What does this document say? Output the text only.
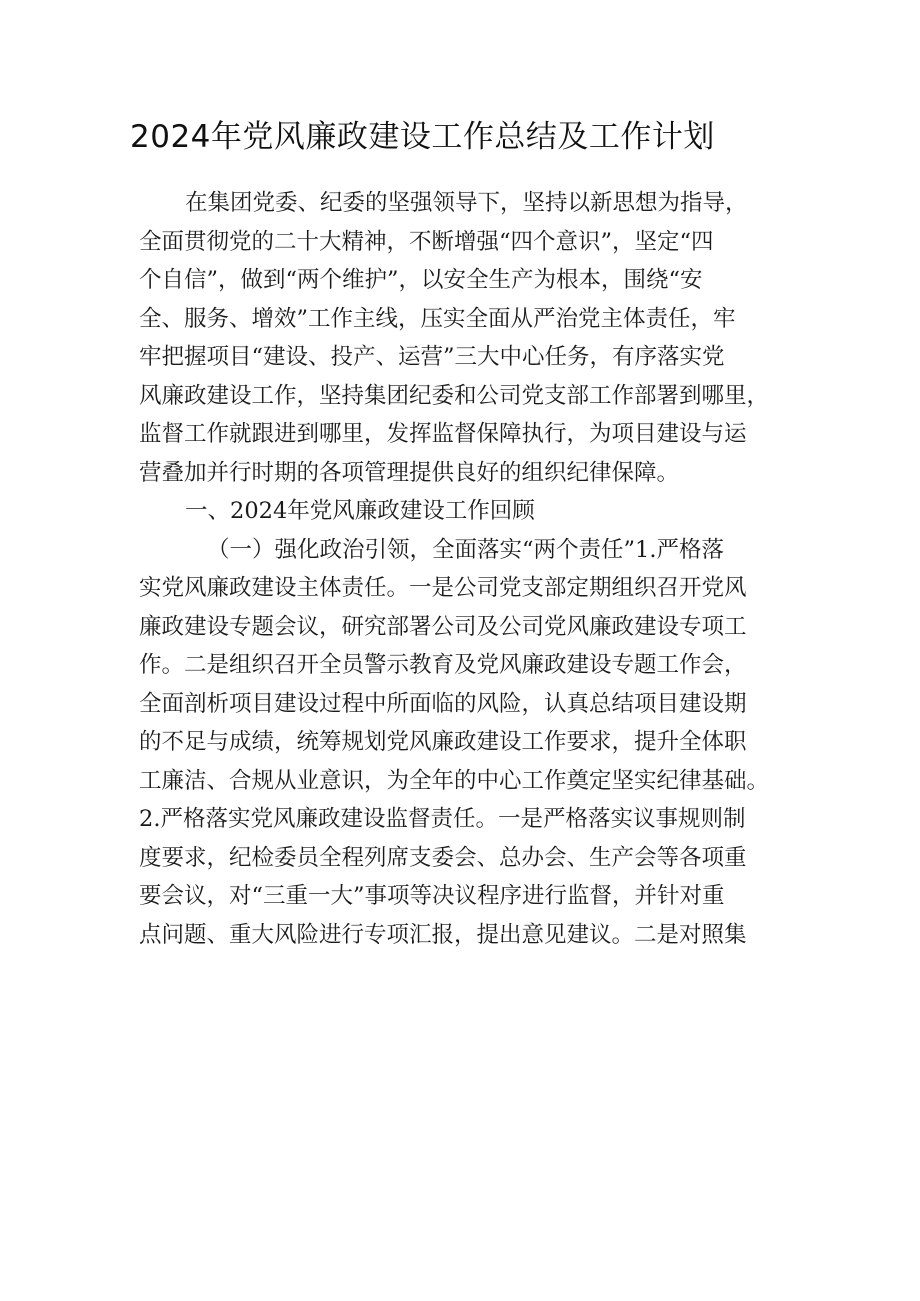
2024年党风廉政建设工作总结及工作计划
在集团党委、纪委的坚强领导下，坚持以新思想为指导，
全面贯彻党的二十大精神，不断增强“四个意识”，坚定“四
个自信”，做到“两个维护”，以安全生产为根本，围绕“安
全、服务、增效”工作主线，压实全面从严治党主体责任，牢
牢把握项目“建设、投产、运营”三大中心任务，有序落实党
风廉政建设工作，坚持集团纪委和公司党支部工作部署到哪里，
监督工作就跟进到哪里，发挥监督保障执行，为项目建设与运
营叠加并行时期的各项管理提供良好的组织纪律保障。
一、2024年党风廉政建设工作回顾
（一）强化政治引领，全面落实“两个责任”1.严格落
实党风廉政建设主体责任。一是公司党支部定期组织召开党风
廉政建设专题会议，研究部署公司及公司党风廉政建设专项工
作。二是组织召开全员警示教育及党风廉政建设专题工作会，
全面剖析项目建设过程中所面临的风险，认真总结项目建设期
的不足与成绩，统筹规划党风廉政建设工作要求，提升全体职
工廉洁、合规从业意识，为全年的中心工作奠定坚实纪律基础。
2.严格落实党风廉政建设监督责任。一是严格落实议事规则制
度要求，纪检委员全程列席支委会、总办会、生产会等各项重
要会议，对“三重一大”事项等决议程序进行监督，并针对重
点问题、重大风险进行专项汇报，提出意见建议。二是对照集
